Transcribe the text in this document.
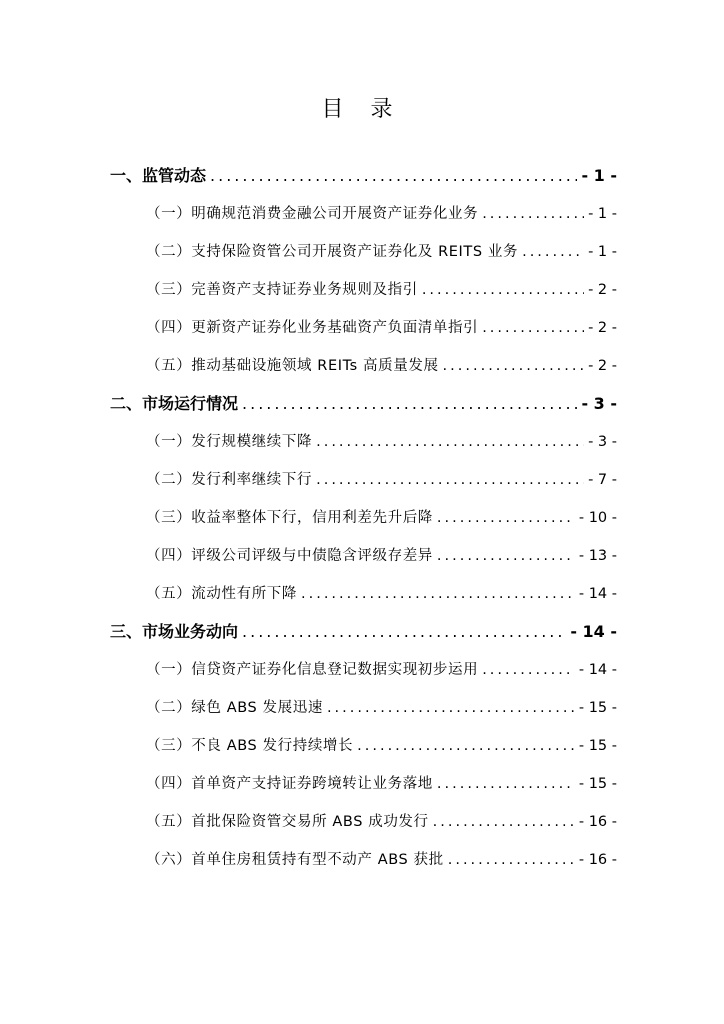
目 录
一、监管动态 .....	- 1 -
（一）明确规范消费金融公司开展资产证券化业务 .....	- 1 -
（二）支持保险资管公司开展资产证券化及 REITS 业务 .....	- 1 -
（三）完善资产支持证券业务规则及指引 .....	- 2 -
（四）更新资产证券化业务基础资产负面清单指引 .....	- 2 -
（五）推动基础设施领域 REITs 高质量发展 .....	- 2 -
二、市场运行情况 .....	- 3 -
（一）发行规模继续下降 .....	- 3 -
（二）发行利率继续下行 .....	- 7 -
（三）收益率整体下行，信用利差先升后降 .....	- 10 -
（四）评级公司评级与中债隐含评级存差异 .....	- 13 -
（五）流动性有所下降 .....	- 14 -
三、市场业务动向 .....	- 14 -
（一）信贷资产证券化信息登记数据实现初步运用 .....	- 14 -
（二）绿色 ABS 发展迅速 .....	- 15 -
（三）不良 ABS 发行持续增长 .....	- 15 -
（四）首单资产支持证券跨境转让业务落地 .....	- 15 -
（五）首批保险资管交易所 ABS 成功发行 .....	- 16 -
（六）首单住房租赁持有型不动产 ABS 获批 .....	- 16 -
